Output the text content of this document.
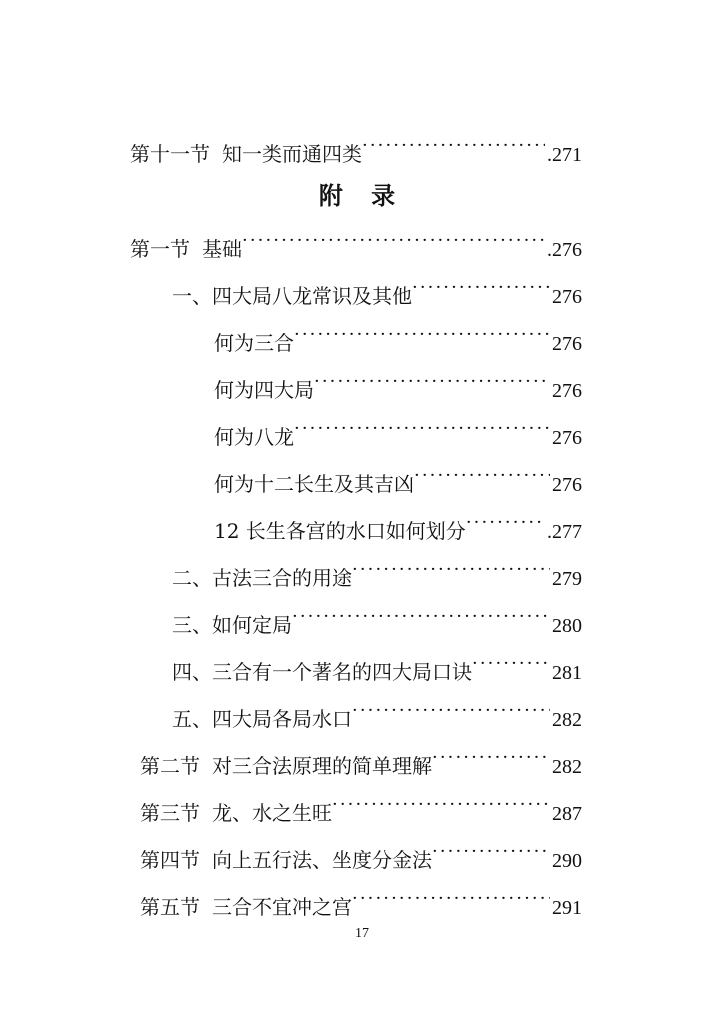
第十一节 知一类而通四类 ·····	.271
附 录
第一节 基础 ·····	.276
一、四大局八龙常识及其他 ·····	276
何为三合 ·····	276
何为四大局 ·····	276
何为八龙 ·····	276
何为十二长生及其吉凶 ·····	276
12 长生各宫的水口如何划分 ·····	.277
二、古法三合的用途 ·····	279
三、如何定局 ·····	280
四、三合有一个著名的四大局口诀 ·····	281
五、四大局各局水口 ·····	282
第二节 对三合法原理的简单理解 ·····	282
第三节 龙、水之生旺 ·····	287
第四节 向上五行法、坐度分金法 ·····	290
第五节 三合不宜冲之宫 ·····	291
17
